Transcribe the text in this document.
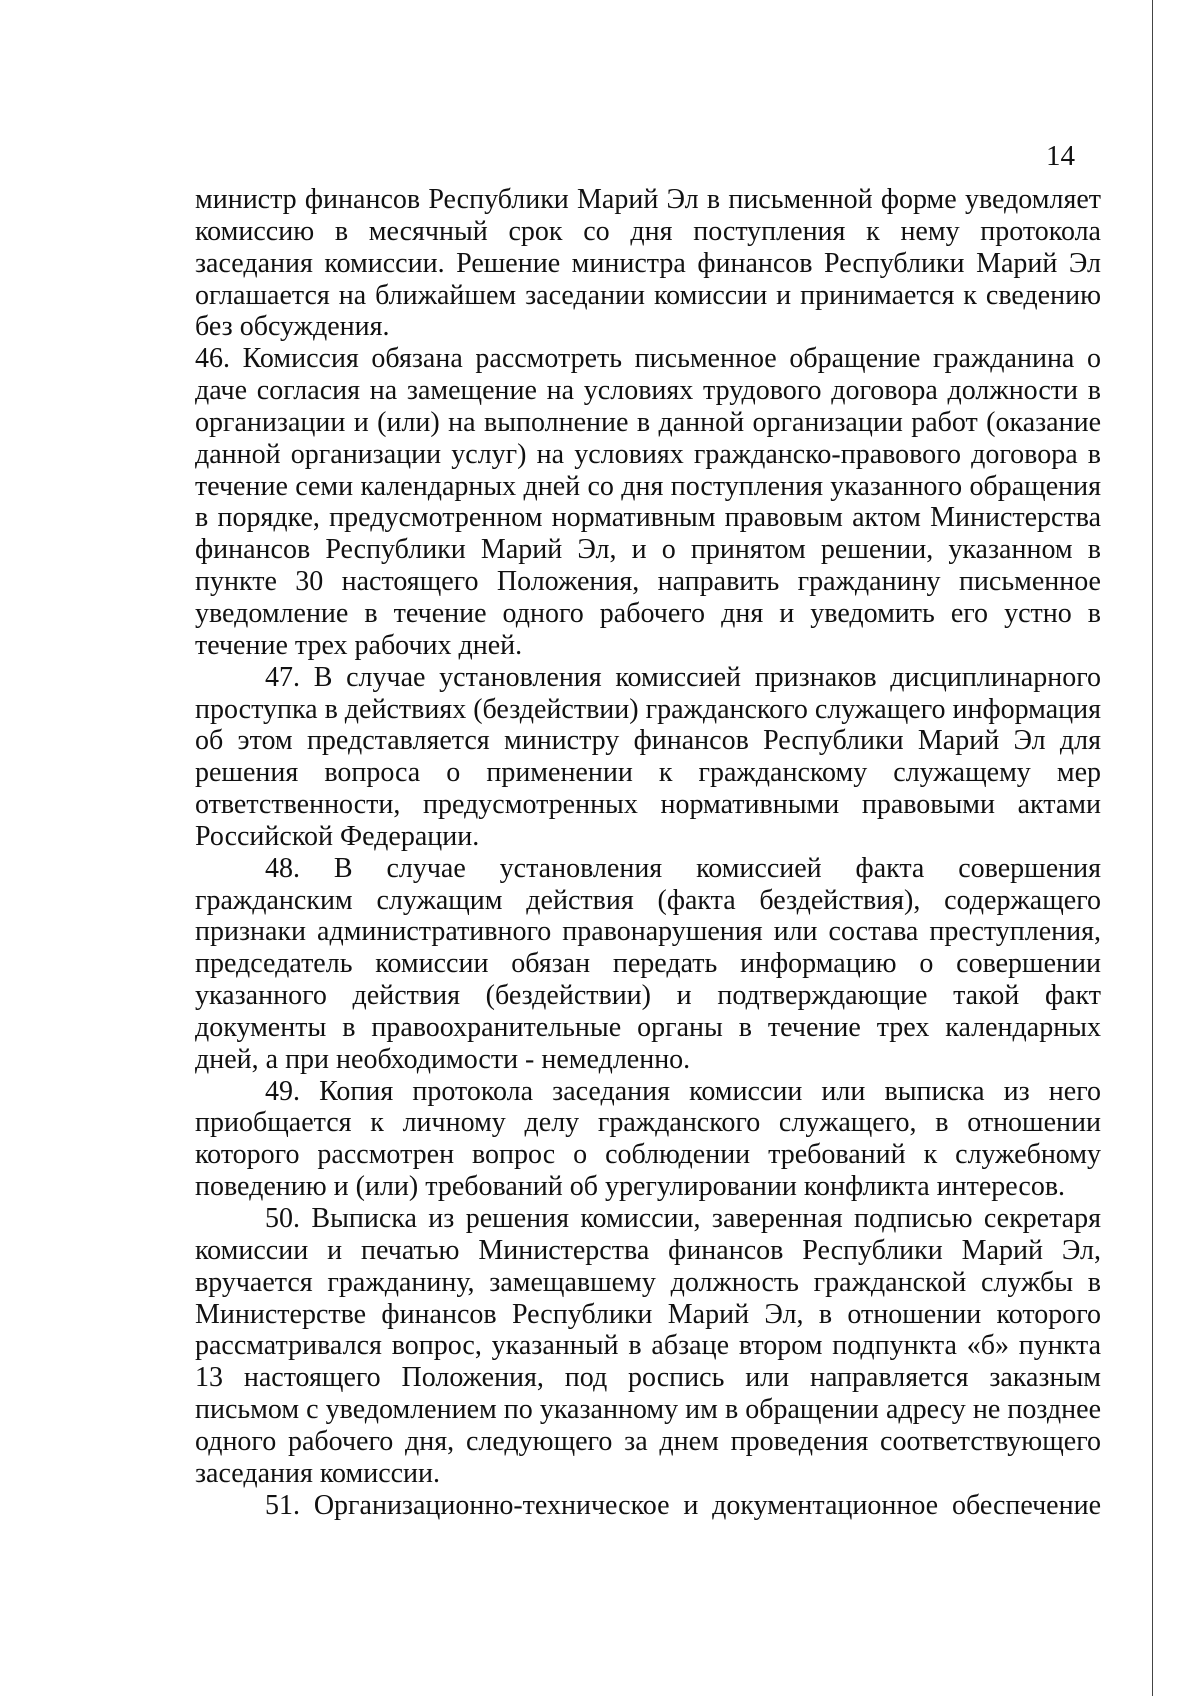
14

министр финансов Республики Марий Эл в письменной форме уведомляет комиссию в месячный срок со дня поступления к нему протокола заседания комиссии. Решение министра финансов Республики Марий Эл оглашается на ближайшем заседании комиссии и принимается к сведению без обсуждения.

46. Комиссия обязана рассмотреть письменное обращение гражданина о даче согласия на замещение на условиях трудового договора должности в организации и (или) на выполнение в данной организации работ (оказание данной организации услуг) на условиях гражданско-правового договора в течение семи календарных дней со дня поступления указанного обращения в порядке, предусмотренном нормативным правовым актом Министерства финансов Республики Марий Эл, и о принятом решении, указанном в пункте 30 настоящего Положения, направить гражданину письменное уведомление в течение одного рабочего дня и уведомить его устно в течение трех рабочих дней.

47. В случае установления комиссией признаков дисциплинарного проступка в действиях (бездействии) гражданского служащего информация об этом представляется министру финансов Республики Марий Эл для решения вопроса о применении к гражданскому служащему мер ответственности, предусмотренных нормативными правовыми актами Российской Федерации.

48. В случае установления комиссией факта совершения гражданским служащим действия (факта бездействия), содержащего признаки административного правонарушения или состава преступления, председатель комиссии обязан передать информацию о совершении указанного действия (бездействии) и подтверждающие такой факт документы в правоохранительные органы в течение трех календарных дней, а при необходимости - немедленно.

49. Копия протокола заседания комиссии или выписка из него приобщается к личному делу гражданского служащего, в отношении которого рассмотрен вопрос о соблюдении требований к служебному поведению и (или) требований об урегулировании конфликта интересов.

50. Выписка из решения комиссии, заверенная подписью секретаря комиссии и печатью Министерства финансов Республики Марий Эл, вручается гражданину, замещавшему должность гражданской службы в Министерстве финансов Республики Марий Эл, в отношении которого рассматривался вопрос, указанный в абзаце втором подпункта «б» пункта 13 настоящего Положения, под роспись или направляется заказным письмом с уведомлением по указанному им в обращении адресу не позднее одного рабочего дня, следующего за днем проведения соответствующего заседания комиссии.

51. Организационно-техническое и документационное обеспечение
